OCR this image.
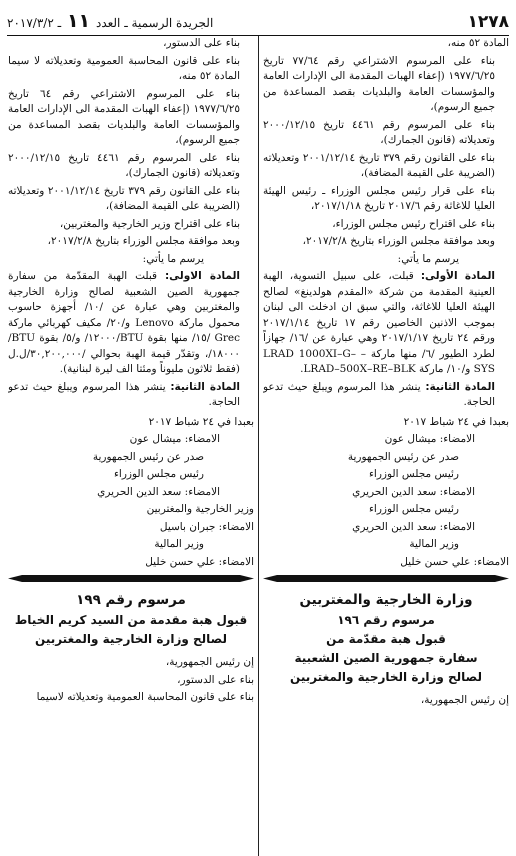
١٢٧٨
الجريدة الرسمية ـ العدد ١١ ـ ٢٠١٧/٣/٢
المادة ٥٢ منه،
بناء على المرسوم الاشتراعي رقم ٧٧/٦٤ تاريخ ١٩٧٧/٦/٢٥ (إعفاء الهبات المقدمة الى الإدارات العامة والمؤسسات العامة والبلديات بقصد المساعدة من جميع الرسوم)،
بناء على المرسوم رقم ٤٤٦١ تاريخ ٢٠٠٠/١٢/١٥ وتعديلاته (قانون الجمارك)،
بناء على القانون رقم ٣٧٩ تاريخ ٢٠٠١/١٢/١٤ وتعديلاته (الضريبة على القيمة المضافة)،
بناء على قرار رئيس مجلس الوزراء ـ رئيس الهيئة العليا للاغاثة رقم ٢٠١٧/٦ تاريخ ٢٠١٧/١/١٨،
بناء على اقتراح رئيس مجلس الوزراء،
وبعد موافقة مجلس الوزراء بتاريخ ٢٠١٧/٢/٨،
يرسم ما يأتي:
المادة الأولى: قبلت، على سبيل التسوية، الهبة العينية المقدمة من شركة «المقدم هولدينغ» لصالح الهيئة العليا للاغاثة، والتي سبق ان ادخلت الى لبنان بموجب الاذنين الخاصين رقم ١٧ تاريخ ٢٠١٧/١/١٤ ورقم ٢٤ تاريخ ٢٠١٧/١/١٧ وهي عبارة عن /١٦/ جهازاً لطرد الطيور /٦/ منها ماركة – LRAD 1000XI–G–SYS و/١٠/ ماركة LRAD–500X–RE–BLK.
المادة الثانية: ينشر هذا المرسوم ويبلغ حيث تدعو الحاجة.
بعبدا في ٢٤ شباط ٢٠١٧
الامضاء: ميشال عون
صدر عن رئيس الجمهورية
رئيس مجلس الوزراء
الامضاء: سعد الدين الحريري
رئيس مجلس الوزراء
الامضاء: سعد الدين الحريري
وزير المالية
الامضاء: علي حسن خليل
وزارة الخارجية والمغتربين
مرسوم رقم ١٩٦
قبول هبة مقدّمة من
سفارة جمهورية الصين الشعبية
لصالح وزارة الخارجية والمغتربين
إن رئيس الجمهورية،
بناء على الدستور،
بناء على قانون المحاسبة العمومية وتعديلاته لا سيما المادة ٥٢ منه،
بناء على المرسوم الاشتراعي رقم ٦٤ تاريخ ١٩٧٧/٦/٢٥ (إعفاء الهبات المقدمة الى الإدارات العامة والمؤسسات العامة والبلديات بقصد المساعدة من جميع الرسوم)،
بناء على المرسوم رقم ٤٤٦١ تاريخ ٢٠٠٠/١٢/١٥ وتعديلاته (قانون الجمارك)،
بناء على القانون رقم ٣٧٩ تاريخ ٢٠٠١/١٢/١٤ وتعديلاته (الضريبة على القيمة المضافة)،
بناء على اقتراح وزير الخارجية والمغتربين،
وبعد موافقة مجلس الوزراء بتاريخ ٢٠١٧/٢/٨،
يرسم ما يأتي:
المادة الاولى: قبلت الهبة المقدّمة من سفارة جمهورية الصين الشعبية لصالح وزارة الخارجية والمغتربين وهي عبارة عن /١٠/ أجهزة حاسوب محمول ماركة Lenovo و/٢٠/ مكيف كهربائي ماركة Grec /١٥/ منها بقوة BTU/١٢٠٠٠/ و/٥/ بقوة BTU/١٨٠٠٠/، وتقدّر قيمة الهبة بحوالي /٣٠,٢٠٠,٠٠٠/ل.ل (فقط ثلاثون مليوناً ومئتا الف ليرة لبنانية).
المادة الثانية: ينشر هذا المرسوم ويبلغ حيث تدعو الحاجة.
بعبدا في ٢٤ شباط ٢٠١٧
الامضاء: ميشال عون
صدر عن رئيس الجمهورية
رئيس مجلس الوزراء
الامضاء: سعد الدين الحريري
وزير الخارجية والمغتربين
الامضاء: جبران باسيل
وزير المالية
الامضاء: علي حسن خليل
مرسوم رقم ١٩٩
قبول هبة مقدمة من السيد كريم الخياط
لصالح وزارة الخارجية والمغتربين
إن رئيس الجمهورية،
بناء على الدستور،
بناء على قانون المحاسبة العمومية وتعديلاته لاسيما
